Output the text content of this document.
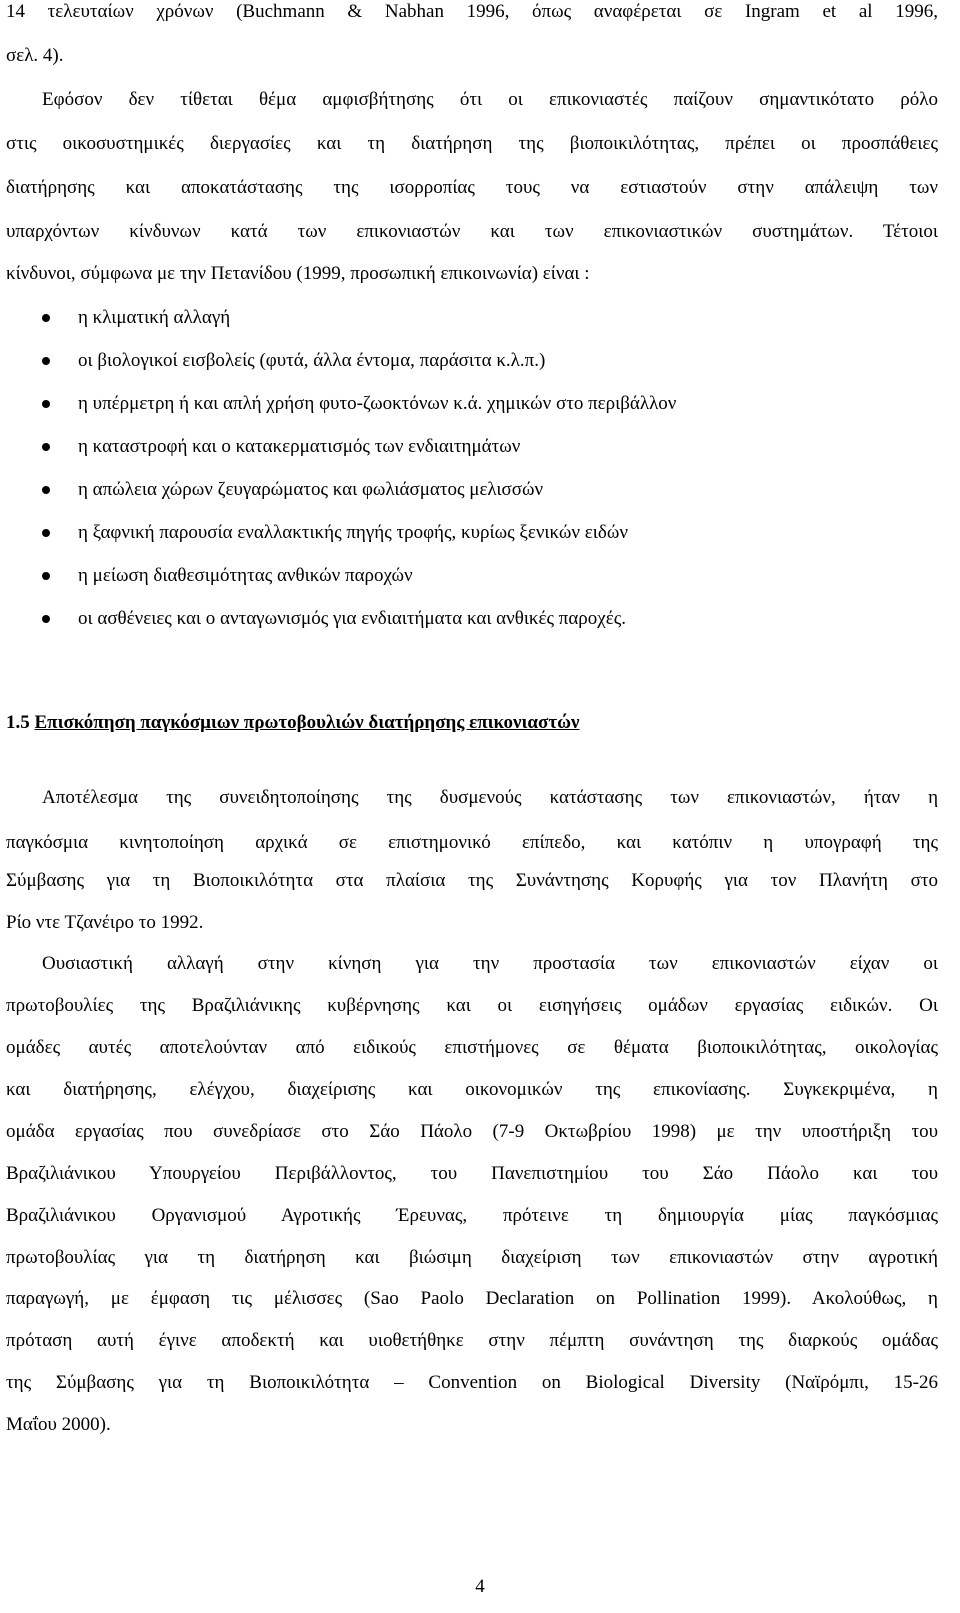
14 τελευταίων χρόνων (Buchmann & Nabhan 1996, όπως αναφέρεται σε Ingram et al 1996,
σελ. 4).
Εφόσον δεν τίθεται θέμα αμφισβήτησης ότι οι επικονιαστές παίζουν σημαντικότατο ρόλο
στις οικοσυστημικές διεργασίες και τη διατήρηση της βιοποικιλότητας, πρέπει οι προσπάθειες
διατήρησης και αποκατάστασης της ισορροπίας τους να εστιαστούν στην απάλειψη των
υπαρχόντων κίνδυνων κατά των επικονιαστών και των επικονιαστικών συστημάτων. Τέτοιοι
κίνδυνοι, σύμφωνα με την Πετανίδου (1999, προσωπική επικοινωνία) είναι :
η κλιματική αλλαγή
οι βιολογικοί εισβολείς (φυτά, άλλα έντομα, παράσιτα κ.λ.π.)
η υπέρμετρη ή και απλή χρήση φυτο-ζωοκτόνων κ.ά. χημικών στο περιβάλλον
η καταστροφή και ο κατακερματισμός των ενδιαιτημάτων
η απώλεια χώρων ζευγαρώματος και φωλιάσματος μελισσών
η ξαφνική παρουσία εναλλακτικής πηγής τροφής, κυρίως ξενικών ειδών
η μείωση διαθεσιμότητας ανθικών παροχών
οι ασθένειες και ο ανταγωνισμός για ενδιαιτήματα και ανθικές παροχές.
1.5 Επισκόπηση παγκόσμιων πρωτοβουλιών διατήρησης επικονιαστών
Αποτέλεσμα της συνειδητοποίησης της δυσμενούς κατάστασης των επικονιαστών, ήταν η
παγκόσμια κινητοποίηση αρχικά σε επιστημονικό επίπεδο, και κατόπιν η υπογραφή της
Σύμβασης για τη Βιοποικιλότητα στα πλαίσια της Συνάντησης Κορυφής για τον Πλανήτη στο
Ρίο ντε Τζανέιρο το 1992.
Ουσιαστική αλλαγή στην κίνηση για την προστασία των επικονιαστών είχαν οι
πρωτοβουλίες της Βραζιλιάνικης κυβέρνησης και οι εισηγήσεις ομάδων εργασίας ειδικών. Οι
ομάδες αυτές αποτελούνταν από ειδικούς επιστήμονες σε θέματα βιοποικιλότητας, οικολογίας
και διατήρησης, ελέγχου, διαχείρισης και οικονομικών της επικονίασης. Συγκεκριμένα, η
ομάδα εργασίας που συνεδρίασε στο Σάο Πάολο (7-9 Οκτωβρίου 1998) με την υποστήριξη του
Βραζιλιάνικου Υπουργείου Περιβάλλοντος, του Πανεπιστημίου του Σάο Πάολο και του
Βραζιλιάνικου Οργανισμού Αγροτικής Έρευνας, πρότεινε τη δημιουργία μίας παγκόσμιας
πρωτοβουλίας για τη διατήρηση και βιώσιμη διαχείριση των επικονιαστών στην αγροτική
παραγωγή, με έμφαση τις μέλισσες (Sao Paolo Declaration on Pollination 1999). Ακολούθως, η
πρόταση αυτή έγινε αποδεκτή και υιοθετήθηκε στην πέμπτη συνάντηση της διαρκούς ομάδας
της Σύμβασης για τη Βιοποικιλότητα – Convention on Biological Diversity (Ναϊρόμπι, 15-26
Μαΐου 2000).
4
